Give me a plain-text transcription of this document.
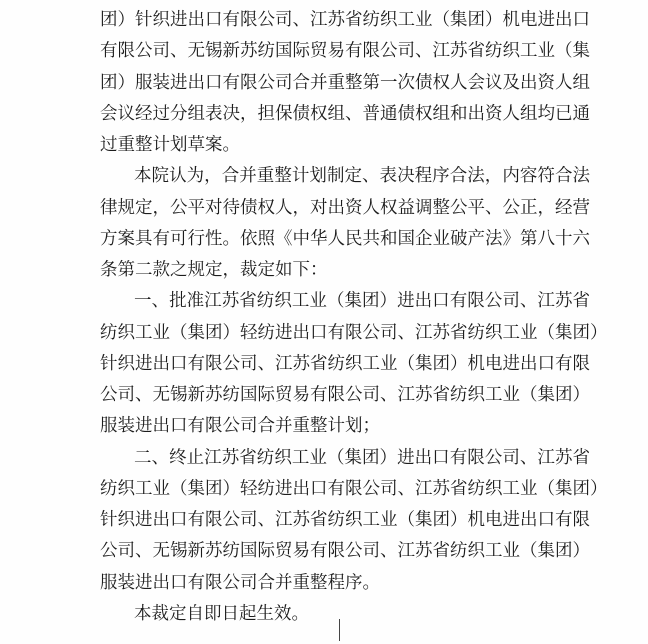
团）针织进出口有限公司、江苏省纺织工业（集团）机电进出口
有限公司、无锡新苏纺国际贸易有限公司、江苏省纺织工业（集
团）服装进出口有限公司合并重整第一次债权人会议及出资人组
会议经过分组表决，担保债权组、普通债权组和出资人组均已通
过重整计划草案。
本院认为，合并重整计划制定、表决程序合法，内容符合法
律规定，公平对待债权人，对出资人权益调整公平、公正，经营
方案具有可行性。依照《中华人民共和国企业破产法》第八十六
条第二款之规定，裁定如下：
一、批准江苏省纺织工业（集团）进出口有限公司、江苏省
纺织工业（集团）轻纺进出口有限公司、江苏省纺织工业（集团）
针织进出口有限公司、江苏省纺织工业（集团）机电进出口有限
公司、无锡新苏纺国际贸易有限公司、江苏省纺织工业（集团）
服装进出口有限公司合并重整计划；
二、终止江苏省纺织工业（集团）进出口有限公司、江苏省
纺织工业（集团）轻纺进出口有限公司、江苏省纺织工业（集团）
针织进出口有限公司、江苏省纺织工业（集团）机电进出口有限
公司、无锡新苏纺国际贸易有限公司、江苏省纺织工业（集团）
服装进出口有限公司合并重整程序。
本裁定自即日起生效。
